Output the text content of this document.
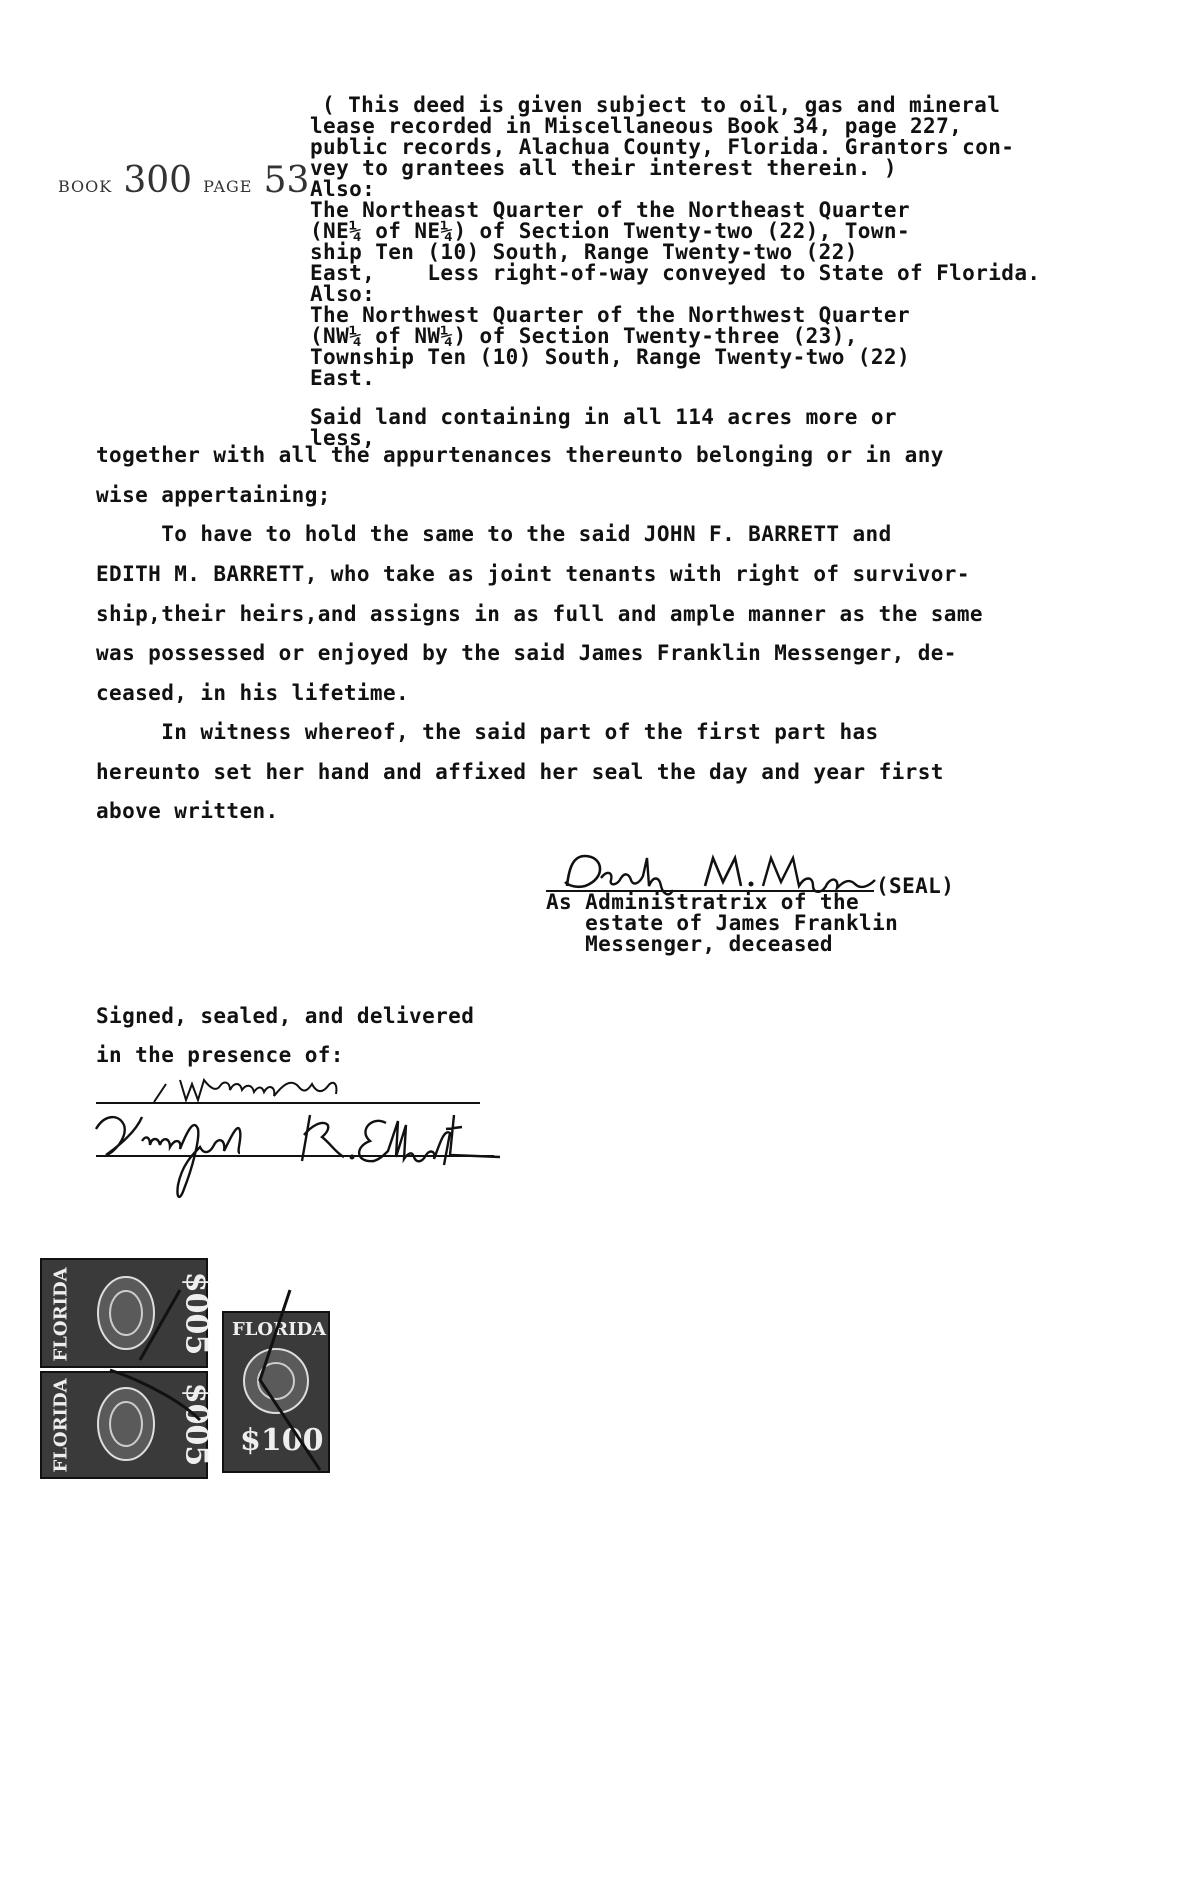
BOOK 300 PAGE 53
( This deed is given subject to oil, gas and mineral
lease recorded in Miscellaneous Book 34, page 227,
public records, Alachua County, Florida. Grantors con-
vey to grantees all their interest therein. )
Also:
The Northeast Quarter of the Northeast Quarter
(NE¼ of NE¼) of Section Twenty-two (22), Town-
ship Ten (10) South, Range Twenty-two (22)
East,    Less right-of-way conveyed to State of Florida.
Also:
The Northwest Quarter of the Northwest Quarter
(NW¼ of NW¼) of Section Twenty-three (23),
Township Ten (10) South, Range Twenty-two (22)
East.
Said land containing in all 114 acres more or
less,
together with all the appurtenances thereunto belonging or in any
wise appertaining;
To have to hold the same to the said JOHN F. BARRETT and
EDITH M. BARRETT, who take as joint tenants with right of survivor-
ship,their heirs,and assigns in as full and ample manner as the same
was possessed or enjoyed by the said James Franklin Messenger, de-
ceased, in his lifetime.
In witness whereof, the said part of the first part has
hereunto set her hand and affixed her seal the day and year first
above written.
(SEAL)
As Administratrix of the
estate of James Franklin
Messenger, deceased
Signed, sealed, and delivered
in the presence of:
FLORIDA	$005
FLORIDA	$005
FLORIDA
$100
